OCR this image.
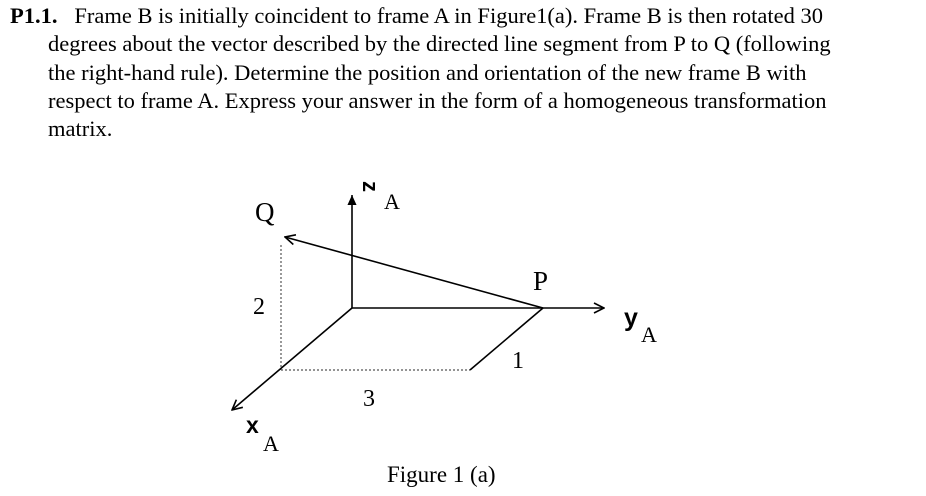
P1.1. Frame B is initially coincident to frame A in Figure1(a). Frame B is then rotated 30
degrees about the vector described by the directed line segment from P to Q (following
the right-hand rule). Determine the position and orientation of the new frame B with
respect to frame A. Express your answer in the form of a homogeneous transformation
matrix.
Q
P
z
A
y
A
x
A
2
3
1
Figure 1 (a)
